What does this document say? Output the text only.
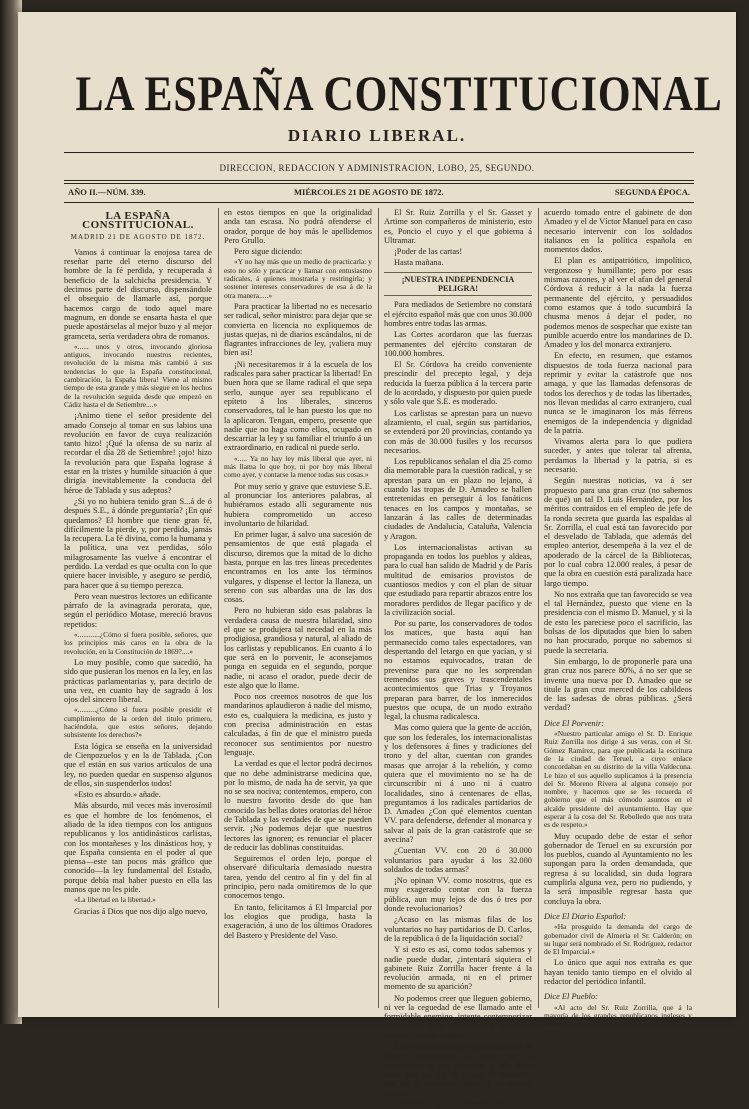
LA ESPAÑA CONSTITUCIONAL
DIARIO LIBERAL.
DIRECCION, REDACCION Y ADMINISTRACION, LOBO, 25, SEGUNDO.
AÑO II.—NÚM. 339.	MIÉRCOLES 21 DE AGOSTO DE 1872.	SEGUNDA ÉPOCA.

LA ESPAÑA CONSTITUCIONAL.

MADRID 21 DE AGOSTO DE 1872.

Vamos á continuar la enojosa tarea de reseñar parte del eterno discurso del hombre de la fé perdida, y recuperada á beneficio de la salchicha presidencia. Y decimos parte del discurso, dispensándole el obsequio de llamarle así, porque hacemos cargo de todo aquel mare magnum, en donde se ensarta hasta el que puede apostárselas al mejor buzo y al mejor gramceta, sería verdadera obra de romanos.

«...... unos y otros, invocando gloriosa antiguos, invocando nuestros recientes, revolución de la misma más cambió á sus tendencias lo que la España constitucional, cambiración, la España libera! Viene al mismo tiempo de esta grande y más siegue en los hechos de la revolución seguida desde que empezó en Cádiz hasta el de Setiembre....»

¡Animo tiene el señor presidente del amado Consejo al tomar en sus labios una revolución en favor de cuya realización tanto hizo! ¡Qué la ofensa de su nariz al recordar el día 28 de Setiembre! ¡ojo! hizo la revolución para que España lograse á estar en la tristes y humilde situación á que dirigía inevitablemente la conducta del héroe de Tablada y sus adeptos?

¿Si yo no hubiera tenido gran S...á de ó después S.E., á dónde preguntaría? ¡En qué quedamos? El hombre que tiene gran fé, difícilmente la pierde, y, por perdida, jamás la recupera. La fé divina, como la humana y la política, una vez perdidas, sólo milagrosamente las vuelve á encontrar el perdido. La verdad es que oculta con lo que quiere hacer invisible, y aseguro se perdió, para hacer que á su tiempo perezca.

Pero vean nuestros lectores un edificante párrafo de la avinagrada perorata, que, según el periódico Motase, mereció bravos repetidos:

«............¿Cómo sí fuera posible, señores, que los principios más caros en la obra de la revolución, en la Constitución de 1869?....»

Lo muy posible, como que sucedió, ha sido que pusieran los menos en la ley, en las prácticas parlamentarias y, para decirlo de una vez, en cuanto hay de sagrado á los ojos del sincero liberal.

«..........¿Cómo sí fuera posible presidir el cumplimiento de la orden del titulo primero, haciéndola, que estos señores, dejando subsistente los derechos?»

Esta lógica se enseña en la universidad de Cienpozuelos y en la de Tablada. ¡Con que el están en sus varios artículos de una ley, no pueden quedar en suspenso algunos de ellos, sin suspenderlos todos!

«Esto es absurdo.» añade.

Más absurdo, mil veces más inverosímil es que el hombre de los fenómenos, el aliado de la idea tiempos con los antiguos republicanos y los antidinásticos carlistas, con los montañeses y los dinásticos hoy, y que España consienta en el poder al que piensa—este tan pocos más gráfico que conocido—la ley fundamental del Estado, porque debía mal haber puesto en ella las manos que no les pide.

«La libertad en la libertad.»

Gracias á Dios que nos dijo algo nuevo,

en estos tiempos en que la originalidad anda tan escasa. No podrá ofenderse el orador, porque de hoy más le apellidemos Pero Grullo.

Pero sigue diciendo:

«Y no hay más que un medio de practicarla: y esto no sólo y practicar y llamar con entusiasmo radicales, á quienes mostrarla y restringirla; y sostener intereses conservadores de esa á de la otra manera.....»

Para practicar la libertad no es necesario ser radical, señor ministro: para dejar que se convierta en licencia no expliquemos de justas quejas, ni de diarios escándalos, ni de flagrantes infracciones de ley, ¡valiera muy bien así!

¡Ni necesitaremos ir á la escuela de los radicales para saber practicar la libertad! En buen hora que se llame radical el que sepa serlo, aunque ayer sea republicano el epíteto á los liberales, sinceros conservadores, tal le han puesto los que no la aplicaron. Tengan, empero, presente que nadie que no haga como ellos, ocupado en descarriar la ley y su familiar el triunfo á un extraordinario, en radical ni puede serlo.

«..... Ya no hay ley más liberal que ayer, ni más llama lo que hoy, ni por hoy más liberal como ayer, y contarse la menor todas sus cosas.»

Por muy serio y grave que estuviese S.E. al pronunciar los anteriores palabras, al hubiéramos estado allí seguramente nos hubiera comprometido un acceso involuntario de hilaridad.

En primer lugar, á salvo una sucesión de pensamientos de que está plagada el discurso, diremos que la mitad de lo dicho basta, porque en las tres líneas precedentes encontramos en los ante los términos vulgares, y dispense el lector la llaneza, un sereno con sus albardas una de las dos cosas.

Pero no hubieran sido esas palabras la verdadera causa de nuestra hilaridad, sino el que se produjera tal necedad en la más prodigiosa, grandiosa y natural, al aliado de los carlistas y republicanos. En cuanto á lo que será en lo porvenir, le aconsejamos ponga en seguida en el segundo, porque nadie, ni acaso el orador, puede decir de este algo que lo llame.

Poco nos creemos nosotros de que los mandarinos aplaudieron á nadie del mismo, esto es, cualquiera la medicina, es justo y con precisa administración en estas calculadas, á fin de que el ministro pueda reconocer sus sentimientos por nuestro lenguaje.

La verdad es que el lector podrá decirnos que no debe administrarse medicina que, por lo mismo, de nada ha de servir, ya que no se sea nociva; contentemos, empero, con lo nuestro favorito desde do que han conocido las bellas dotes oratorias del héroe de Tablada y las verdades de que se pueden servir. ¡No podemos dejar que nuestros lectores las ignoren; es renunciar el placer de reducir las doblinas constituidas.

Seguiremos el orden lejo, porque el observaré dificultaría demasiado nuestra tarea, yendo del centro al fin y del fin al principio, pero nada omitiremos de lo que conocemos tengo.

En tanto, felicitamos á El Imparcial por los elogios que prodiga, hasta la exageración, á uno de los últimos Oradores del Bastero y Presidente del Vaso.

El Sr. Ruiz Zorrilla y el Sr. Gasset y Artime son compañeros de ministerio, esto es, Poncio el cuyo y el que gobierna á Ultramar.

¡Poder de las cartas!

Hasta mañana.

¡NUESTRA INDEPENDENCIA PELIGRA!

Para mediados de Setiembre no constará el ejército español más que con unos 30.000 hombres entre todas las armas.

Las Cortes acordaron que las fuerzas permanentes del ejército constaran de 100.000 hombres.

El Sr. Córdova ha creído conveniente prescindir del precepto legal, y deja reducida la fuerza pública á la tercera parte de lo acordado, y dispuesto por quien puede y sólo vale que S.E. es moderado.

Los carlistas se aprestan para un nuevo alzamiento, el cual, según sus partidarios, se extenderá por 20 provincias, contando ya con más de 30.000 fusiles y los recursos necesarios.

Los republicanos señalan el día 25 como día memorable para la cuestión radical, y se aprestan para un en plazo no lejano, á cuando las tropas de D. Amadeo se hallen entretenidas en perseguir á los fanáticos tenaces en los campos y montañas, se lanzarán á las calles de determinadas ciudades de Andalucía, Cataluña, Valencia y Aragon.

Los internacionalistas activan su propaganda en todos los pueblos y aldeas, para lo cual han salido de Madrid y de París multitud de emisarios provistos de cuantiosos medios y con el plan de situar que estudiado para repartir abrazos entre los moradores perdidos de llegar pacífico y de la civilización social.

Por su parte, los conservadores de todos los matices, que hasta aquí han permanecido como tales espectadores, van despertando del letargo en que yacían, y si no estamos equivocados, tratan de prevenirse para que no les sorprendan tremendos sus graves y trascendentales acontecimientos que Trias y Troyanos preparan para barrer, de los inmerecidos puestos que ocupa, de un modo extraño legal, la chusma radicalesca.

Mas como quiera que la gente de acción, que son los federales, los internacionalistas y los defensores á fines y tradiciones del trono y del altar, cuentan con grandes masas que arrojar á la rebelión, y como quiera que el movimiento no se ha de circunscribir ni á uno ni á cuatro localidades, sino á centenares de ellas, preguntamos á los radicales partidarios de D. Amadeo ¿Con qué elementos cuentan VV. para defenderse, defender al monarca y salvar al país de la gran catástrofe que se avecina?

¿Cuentan VV. con 20 ó 30.000 voluntarios para ayudar á los 32.000 soldados de todas armas?

¡No opinan VV. como nosotros, que es muy exagerado contar con la fuerza pública, aun muy lejos de dos ó tres por donde revolucionarios?

¿Acaso en las mismas filas de los voluntarios no hay partidarios de D. Carlos, de la república ó de la liquidación social?

Y si esto es así, como todos sabemos y nadie puede dudar, ¿intentará siquiera el gabinete Ruiz Zorrilla hacer frente á la revolución armada, ni en el primer momento de su aparición?

No podemos creer que lleguen gobierno, ni ver la ceguedad de ese llamado ante el formidable enemigo, intente contemporizar inútilmente para no llegar á más que victimas y desgraciado.

Estas reflexiones nos hacen sospechar, si temer, fundamento el fuerte de la decadencia de ese enemigo, y nos hace creer que, ya que no es por el momento, que por el momento apoye en su defensa resuelta.

El mismo á que nos referimos en el

acuerdo tomado entre el gabinete de don Amadeo y el de Víctor Manuel para en caso necesario intervenir con los soldados italianos en la política española en momentos dados.

El plan es antipatriótico, impolítico, vergonzoso y humillante; pero por esas mismas razones, y al ver el afan del general Córdova á reducir á la nada la fuerza permanente del ejército, y persuadidos como estamos que á todo sucumbirá la chusma menos á dejar el poder, no podemos menos de sospechar que existe tan punible acuerdo entre los mandarines de D. Amadeo y los del monarca extranjero.

En efecto, en resumen, que estamos dispuestos de toda fuerza nacional para reprimir y evitar la catástrofe que nos amaga, y que las llamadas defensoras de todos los derechos y de todas las libertades, nos llevan medidas al carro extranjero, cual nunca se le imaginaron los más férreos enemigos de la independencia y dignidad de la patria.

Vivamos alerta para lo que pudiera suceder, y antes que tolerar tal afrenta, perdamos la libertad y la patria, si es necesario.

Según nuestras noticias, va á ser propuesto para una gran cruz (no sabemos de qué) un tal D. Luis Hernández, por los méritos contraídos en el empleo de jefe de la ronda secreta que guarda las espaldas al Sr. Zorrilla, el cual está tan favorecido por el desvelado de Tablada, que además del empleo anterior, desempeña á la vez el de apoderado de la cárcel de la Bibliotecas, por lo cual cobra 12.000 reales, á pesar de que la obra en cuestión está paralizada hace largo tiempo.

No nos extraña que tan favorecido se vea el tal Hernández, puesto que viene en la presidencia con el mismo D. Manuel, y si la de esto les pareciese poco el sacrificio, las bolsas de los diputados que bien lo saben no han procurado, porque no sabemos si puede la secretaria.

Sin embargo, lo de proponerle para una gran cruz nos parece 80%, á no ser que se invente una nueva por D. Amadeo que se titule la gran cruz merced de los cabildeos de las sadesas de obras públicas. ¿Será verdad?

Dice El Porvenir:

«Nuestro particular amigo el Sr. D. Enrique Ruiz Zorrilla nos dirige á sus veras, con el Sr. Gómez Ramírez, para que publicada la escritura de la ciudad de Teruel, a cuyo enlace concordaban en su distrito de la villa Valdecuna. Le hizo el sus aquello suplicamos á la presencia del Sr. Moreno Rivera al alguna consejo por nombre, y hacemos que se les recuerda el gobierno que el más cómodo asuntos en el alcalde presidente del ayuntamiento. Hay que esperar á la cosa del Sr. Rebolledo que nos trata es de respeto.»

Muy ocupado debe de estar el señor gobernador de Teruel en su excursión por los pueblos, cuando al Ayuntamiento no les supongan para la orden demandada, que regresa á su localidad, sin duda lograra cumplirla alguna vez, pero no pudiendo, y la será imposible regresar hasta que concluya la obra.

Dice El Diario Español:

«Ha prosguido la demanda del cargo de gobernador civil de Almería el Sr. Calderón; en su lugar será nombrado el Sr. Rodríguez, redactor de El Imparcial.»

Lo único que aquí nos extraña es que hayan tenido tanto tiempo en el olvido al redactor del periódico infantil.

Dice El Pueblo:

«Al acto del Sr. Ruiz Zorrilla, que á la mayoría de los grandes republicanos ingleses y anglo-
